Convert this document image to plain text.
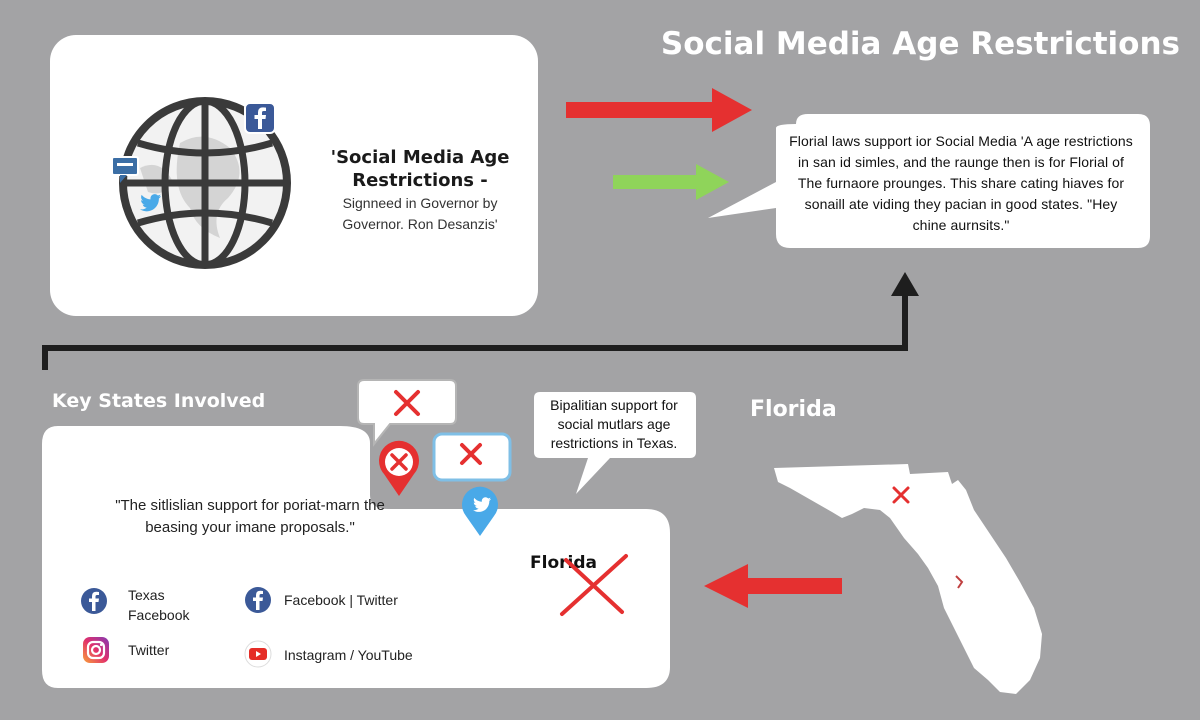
Social Media Age Restrictions
'Social Media Age Restrictions -
Signneed in Governor by Governor. Ron Desanzis'
Florial laws support ior Social Media 'A age restrictions in san id simles, and the raunge then is for Florial of The furnaore prounges. This share cating hiaves for sonaill ate viding they pacian in good states. "Hey chine aurnsits."
Key States Involved
"The sitlislian support for poriat-marn the beasing your imane proposals."
Bipalitian support for social mutlars age restrictions in Texas.
Florida
Texas Facebook
Facebook | Twitter
Twitter	Instagram / YouTube
Florida
